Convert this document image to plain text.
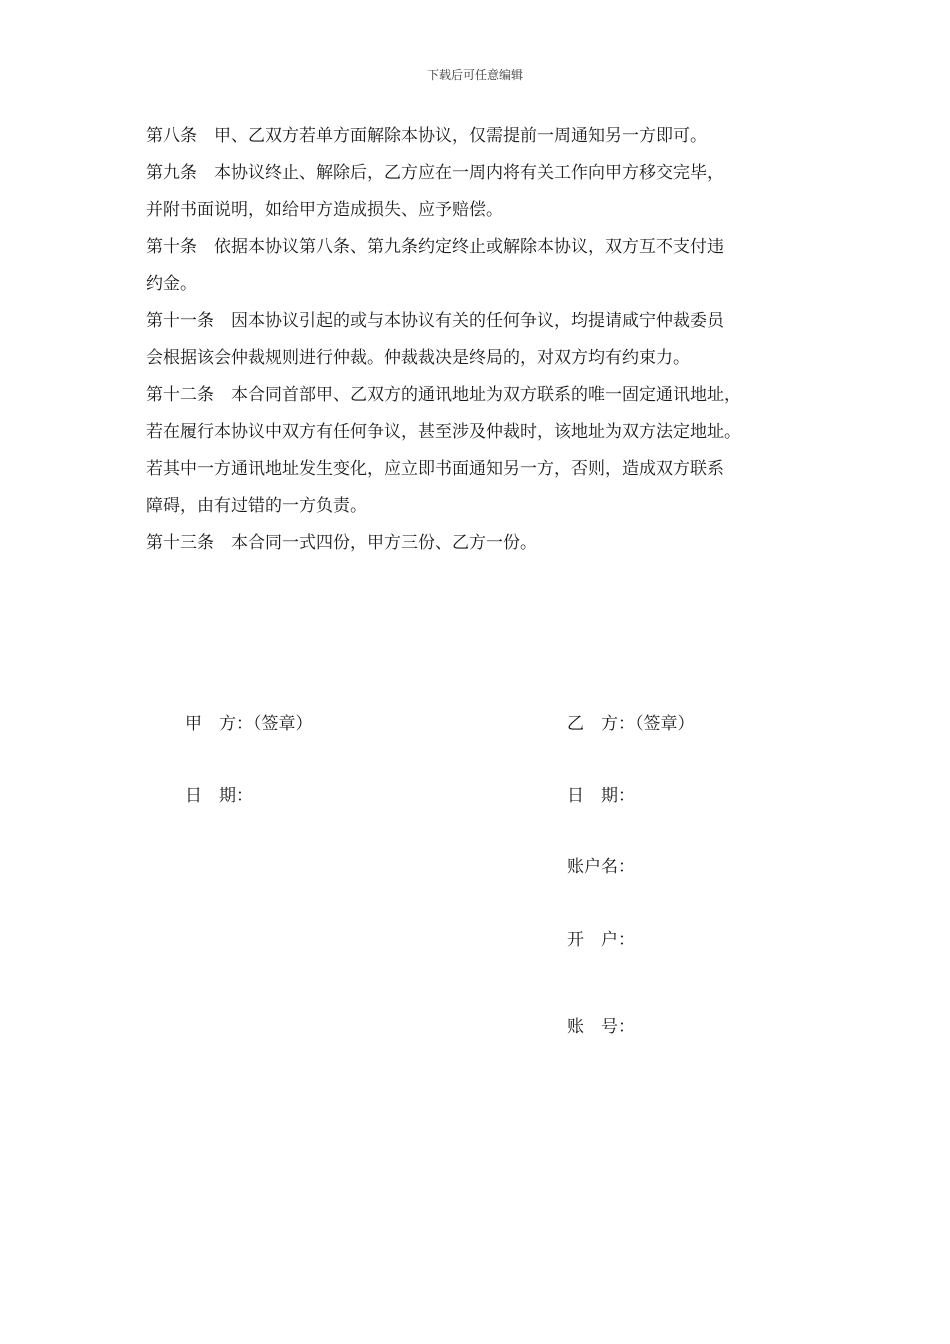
下载后可任意编辑
第八条　甲、乙双方若单方面解除本协议，仅需提前一周通知另一方即可。
第九条　本协议终止、解除后，乙方应在一周内将有关工作向甲方移交完毕，
并附书面说明，如给甲方造成损失、应予赔偿。
第十条　依据本协议第八条、第九条约定终止或解除本协议，双方互不支付违
约金。
第十一条　因本协议引起的或与本协议有关的任何争议，均提请咸宁仲裁委员
会根据该会仲裁规则进行仲裁。仲裁裁决是终局的，对双方均有约束力。
第十二条　本合同首部甲、乙双方的通讯地址为双方联系的唯一固定通讯地址，
若在履行本协议中双方有任何争议，甚至涉及仲裁时，该地址为双方法定地址。
若其中一方通讯地址发生变化，应立即书面通知另一方，否则，造成双方联系
障碍，由有过错的一方负责。
第十三条　本合同一式四份，甲方三份、乙方一份。
甲　方：（签章）
日　期：
乙　方：（签章）
日　期：
账户名：
开　户：
账　号：
